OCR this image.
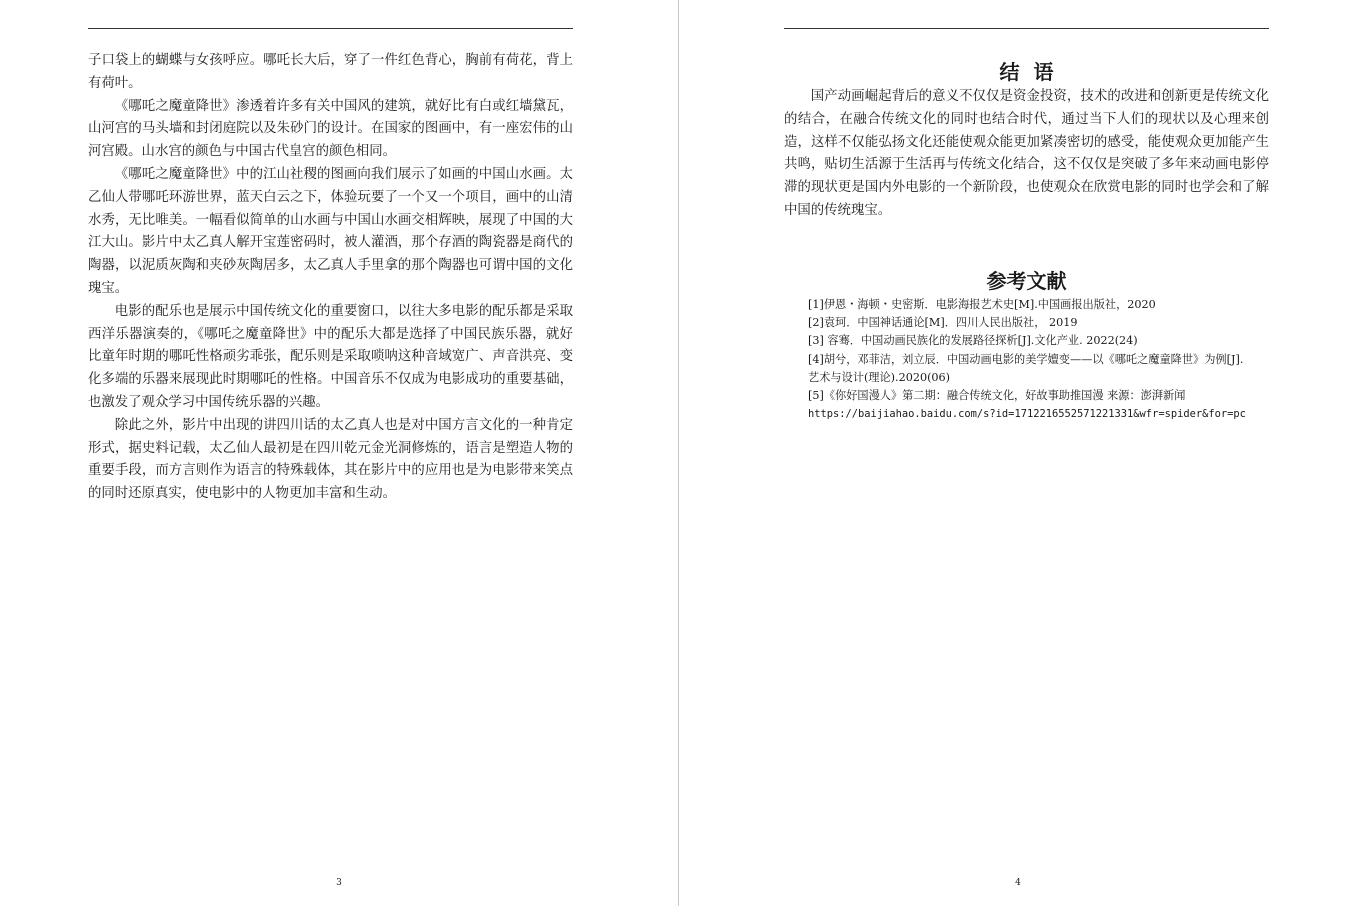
子口袋上的蝴蝶与女孩呼应。哪吒长大后，穿了一件红色背心，胸前有荷花，背上有荷叶。

《哪吒之魔童降世》渗透着许多有关中国风的建筑，就好比有白或红墙黛瓦，山河宫的马头墙和封闭庭院以及朱砂门的设计。在国家的图画中，有一座宏伟的山河宫殿。山水宫的颜色与中国古代皇宫的颜色相同。

《哪吒之魔童降世》中的江山社稷的图画向我们展示了如画的中国山水画。太乙仙人带哪吒环游世界，蓝天白云之下，体验玩要了一个又一个项目，画中的山清水秀，无比唯美。一幅看似简单的山水画与中国山水画交相辉映，展现了中国的大江大山。影片中太乙真人解开宝莲密码时，被人灌酒，那个存酒的陶瓷器是商代的陶器，以泥质灰陶和夹砂灰陶居多，太乙真人手里拿的那个陶器也可谓中国的文化瑰宝。

电影的配乐也是展示中国传统文化的重要窗口，以往大多电影的配乐都是采取西洋乐器演奏的，《哪吒之魔童降世》中的配乐大都是选择了中国民族乐器，就好比童年时期的哪吒性格顽劣乖张，配乐则是采取唢呐这种音域宽广、声音洪亮、变化多端的乐器来展现此时期哪吒的性格。中国音乐不仅成为电影成功的重要基础，也激发了观众学习中国传统乐器的兴趣。

除此之外，影片中出现的讲四川话的太乙真人也是对中国方言文化的一种肯定形式，据史料记载，太乙仙人最初是在四川乾元金光洞修炼的，语言是塑造人物的重要手段，而方言则作为语言的特殊载体，其在影片中的应用也是为电影带来笑点的同时还原真实，使电影中的人物更加丰富和生动。

3
结语

国产动画崛起背后的意义不仅仅是资金投资，技术的改进和创新更是传统文化的结合，在融合传统文化的同时也结合时代，通过当下人们的现状以及心理来创造，这样不仅能弘扬文化还能使观众能更加紧凑密切的感受，能使观众更加能产生共鸣，贴切生活源于生活再与传统文化结合，这不仅仅是突破了多年来动画电影停滞的现状更是国内外电影的一个新阶段，也使观众在欣赏电影的同时也学会和了解中国的传统瑰宝。

参考文献

[1]伊恩・海顿・史密斯．电影海报艺术史[M].中国画报出版社，2020

[2]袁珂．中国神话通论[M]．四川人民出版社， 2019

[3] 容骞．中国动画民族化的发展路径探析[J].文化产业. 2022(24)

[4]胡兮，邓菲洁，刘立辰．中国动画电影的美学嬗变——以《哪吒之魔童降世》为例[J].

艺术与设计(理论).2020(06)

[5]《你好国漫人》第二期：融合传统文化，好故事助推国漫 来源：澎湃新闻

https://baijiahao.baidu.com/s?id=1712216552571221331&wfr=spider&for=pc

4
